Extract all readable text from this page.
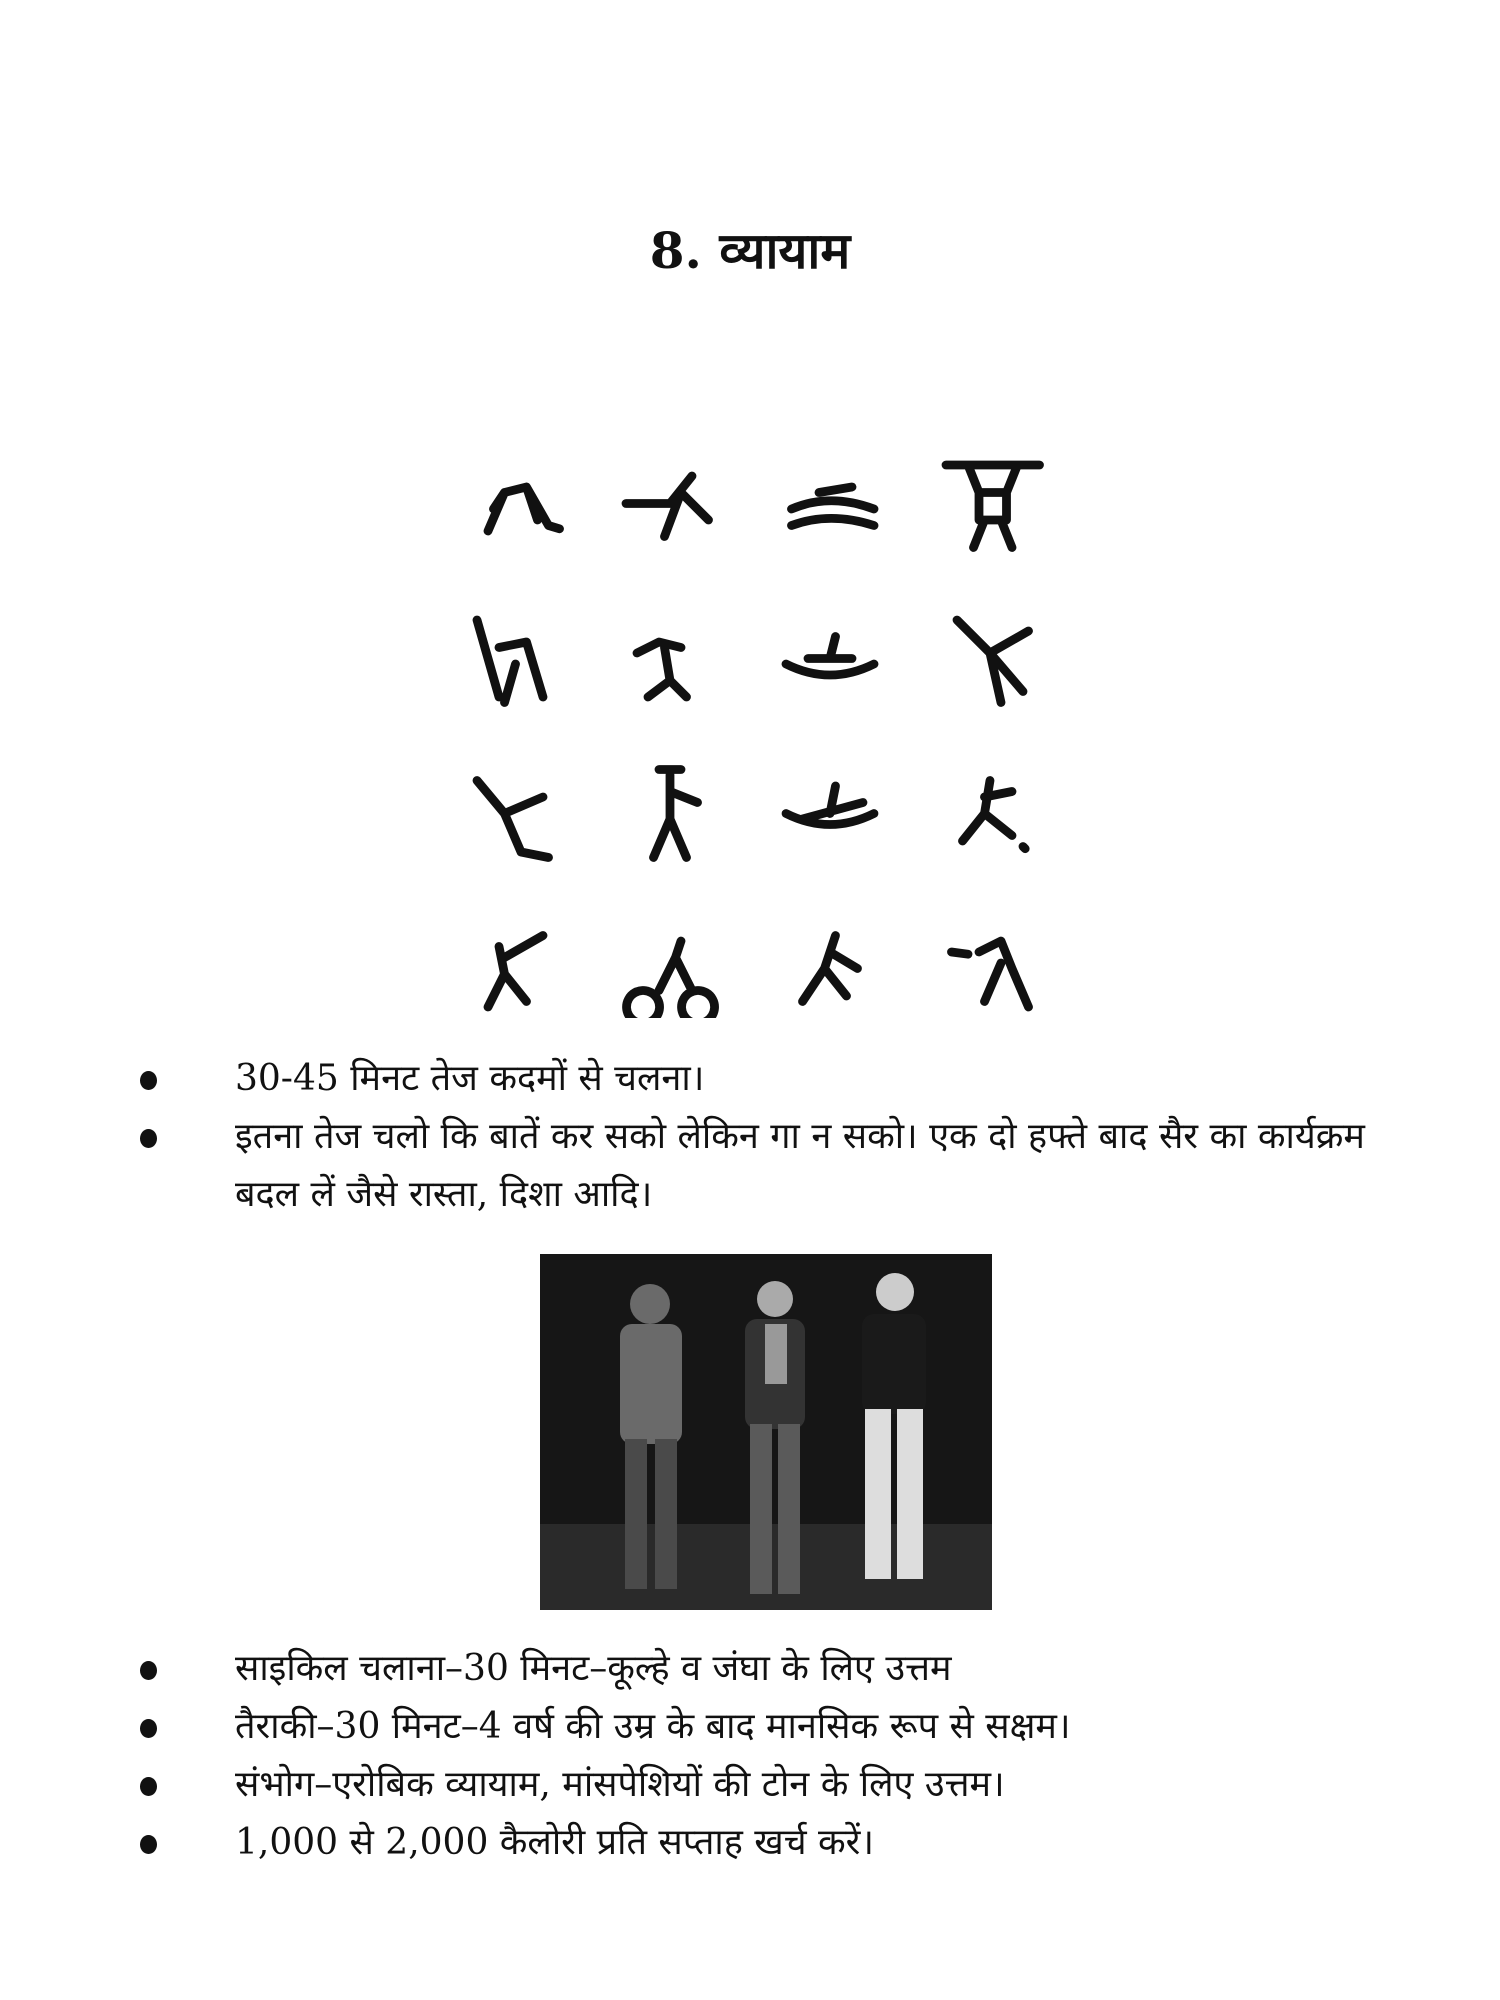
8. व्यायाम
30-45 मिनट तेज कदमों से चलना।
इतना तेज चलो कि बातें कर सको लेकिन गा न सको। एक दो हफ्ते बाद सैर का कार्यक्रम बदल लें जैसे रास्ता, दिशा आदि।
साइकिल चलाना–30 मिनट–कूल्हे व जंघा के लिए उत्तम
तैराकी–30 मिनट–4 वर्ष की उम्र के बाद मानसिक रूप से सक्षम।
संभोग–एरोबिक व्यायाम, मांसपेशियों की टोन के लिए उत्तम।
1,000 से 2,000 कैलोरी प्रति सप्ताह खर्च करें।
